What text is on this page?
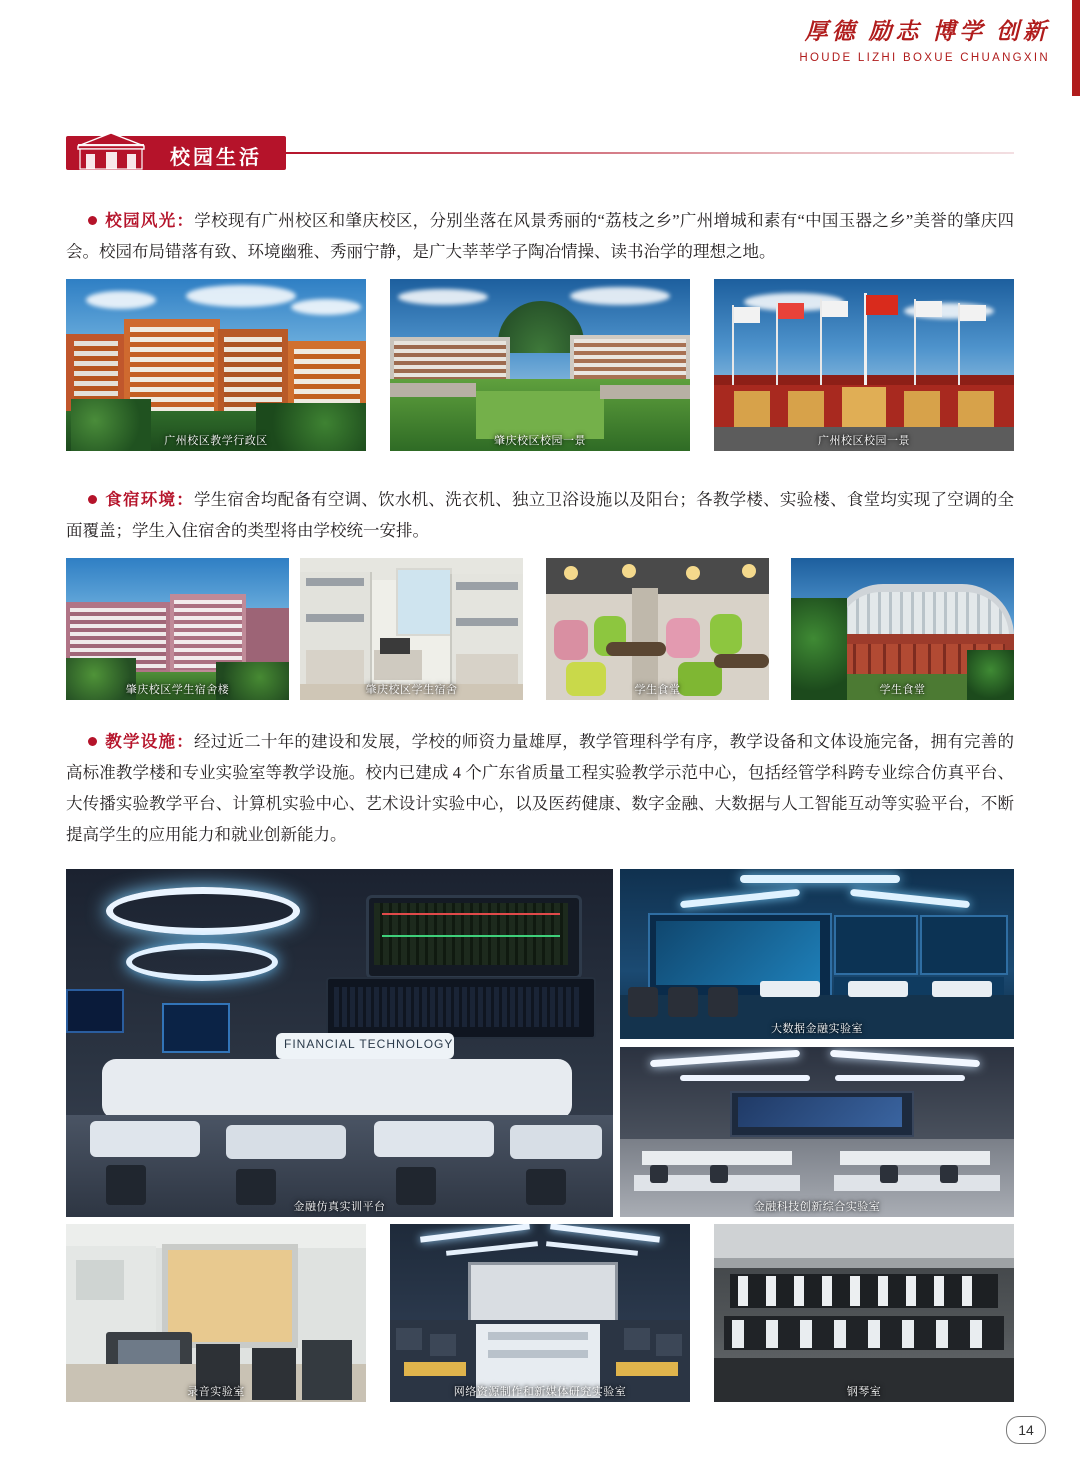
厚德 励志 博学 创新
HOUDE LIZHI BOXUE CHUANGXIN
校园生活
校园风光：学校现有广州校区和肇庆校区，分别坐落在风景秀丽的“荔枝之乡”广州增城和素有“中国玉器之乡”美誉的肇庆四会。校园布局错落有致、环境幽雅、秀丽宁静，是广大莘莘学子陶冶情操、读书治学的理想之地。
广州校区教学行政区	肇庆校区校园一景	广州校区校园一景
食宿环境：学生宿舍均配备有空调、饮水机、洗衣机、独立卫浴设施以及阳台；各教学楼、实验楼、食堂均实现了空调的全面覆盖；学生入住宿舍的类型将由学校统一安排。
肇庆校区学生宿舍楼	肇庆校区学生宿舍	学生食堂	学生食堂
教学设施：经过近二十年的建设和发展，学校的师资力量雄厚，教学管理科学有序，教学设备和文体设施完备，拥有完善的高标准教学楼和专业实验室等教学设施。校内已建成 4 个广东省质量工程实验教学示范中心，包括经管学科跨专业综合仿真平台、大传播实验教学平台、计算机实验中心、艺术设计实验中心，以及医药健康、数字金融、大数据与人工智能互动等实验平台，不断提高学生的应用能力和就业创新能力。
FINANCIAL TECHNOLOGY
金融仿真实训平台
大数据金融实验室
金融科技创新综合实验室
录音实验室	网络资源制作和新媒体研究实验室	钢琴室
14
